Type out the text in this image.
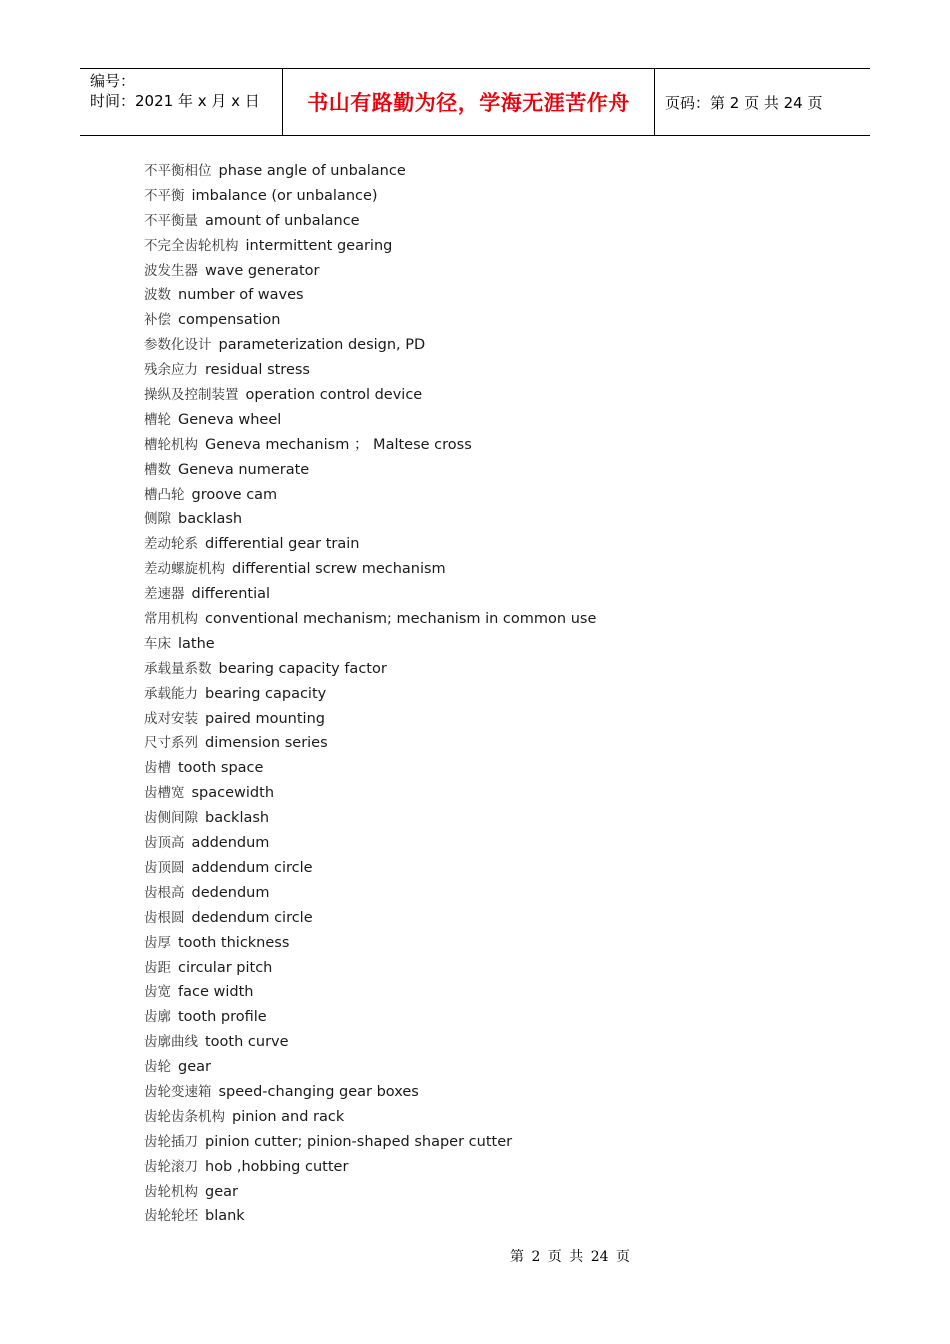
编号：
时间：2021 年 x 月 x 日 书山有路勤为径，学海无涯苦作舟 页码：第 2 页 共 24 页
不平衡相位 phase angle of unbalance
不平衡 imbalance (or unbalance)
不平衡量 amount of unbalance
不完全齿轮机构 intermittent gearing
波发生器 wave generator
波数 number of waves
补偿 compensation
参数化设计 parameterization design, PD
残余应力 residual stress
操纵及控制装置 operation control device
槽轮 Geneva wheel
槽轮机构 Geneva mechanism ； Maltese cross
槽数 Geneva numerate
槽凸轮 groove cam
侧隙 backlash
差动轮系 differential gear train
差动螺旋机构 differential screw mechanism
差速器 differential
常用机构 conventional mechanism; mechanism in common use
车床 lathe
承载量系数 bearing capacity factor
承载能力 bearing capacity
成对安装 paired mounting
尺寸系列 dimension series
齿槽 tooth space
齿槽宽 spacewidth
齿侧间隙 backlash
齿顶高 addendum
齿顶圆 addendum circle
齿根高 dedendum
齿根圆 dedendum circle
齿厚 tooth thickness
齿距 circular pitch
齿宽 face width
齿廓 tooth profile
齿廓曲线 tooth curve
齿轮 gear
齿轮变速箱 speed-changing gear boxes
齿轮齿条机构 pinion and rack
齿轮插刀 pinion cutter; pinion-shaped shaper cutter
齿轮滚刀 hob ,hobbing cutter
齿轮机构 gear
齿轮轮坯 blank
第 2 页 共 24 页
